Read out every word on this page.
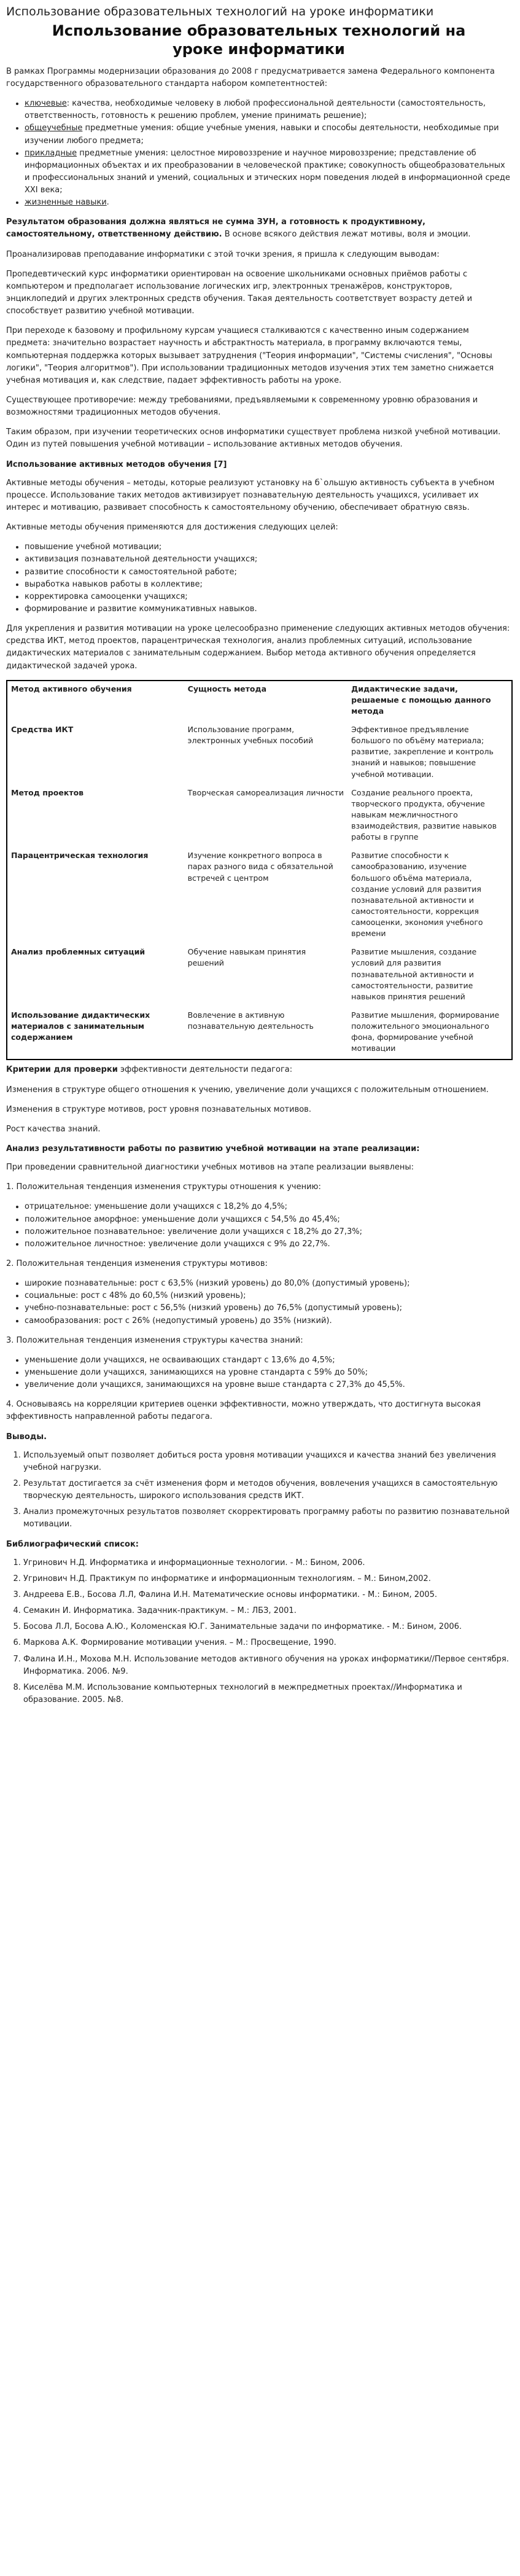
Использование образовательных технологий на уроке информатики
Использование образовательных технологий на уроке информатики

В рамках Программы модернизации образования до 2008 г предусматривается замена Федерального компонента государственного образовательного стандарта набором компетентностей:

• ключевые: качества, необходимые человеку в любой профессиональной деятельности (самостоятельность, ответственность, готовность к решению проблем, умение принимать решение);
• общеучебные предметные умения: общие учебные умения, навыки и способы деятельности, необходимые при изучении любого предмета;
• прикладные предметные умения: целостное мировоззрение и научное мировоззрение; представление об информационных объектах и их преобразовании в человеческой практике; совокупность общеобразовательных и профессиональных знаний и умений, социальных и этических норм поведения людей в информационной среде XXI века;
• жизненные навыки.

Результатом образования должна являться не сумма ЗУН, а готовность к продуктивному, самостоятельному, ответственному действию. В основе всякого действия лежат мотивы, воля и эмоции.

Проанализировав преподавание информатики с этой точки зрения, я пришла к следующим выводам:

Пропедевтический курс информатики ориентирован на освоение школьниками основных приёмов работы с компьютером и предполагает использование логических игр, электронных тренажёров, конструкторов, энциклопедий и других электронных средств обучения. Такая деятельность соответствует возрасту детей и способствует развитию учебной мотивации.

При переходе к базовому и профильному курсам учащиеся сталкиваются с качественно иным содержанием предмета: значительно возрастает научность и абстрактность материала, в программу включаются темы, компьютерная поддержка которых вызывает затруднения ("Теория информации", "Системы счисления", "Основы логики", "Теория алгоритмов"). При использовании традиционных методов изучения этих тем заметно снижается учебная мотивация и, как следствие, падает эффективность работы на уроке.

Существующее противоречие: между требованиями, предъявляемыми к современному уровню образования и возможностями традиционных методов обучения.

Таким образом, при изучении теоретических основ информатики существует проблема низкой учебной мотивации. Один из путей повышения учебной мотивации – использование активных методов обучения.

Использование активных методов обучения [7]

Активные методы обучения – методы, которые реализуют установку на б`ольшую активность субъекта в учебном процессе. Использование таких методов активизирует познавательную деятельность учащихся, усиливает их интерес и мотивацию, развивает способность к самостоятельному обучению, обеспечивает обратную связь.

Активные методы обучения применяются для достижения следующих целей:

• повышение учебной мотивации;
• активизация познавательной деятельности учащихся;
• развитие способности к самостоятельной работе;
• выработка навыков работы в коллективе;
• корректировка самооценки учащихся;
• формирование и развитие коммуникативных навыков.

Для укрепления и развития мотивации на уроке целесообразно применение следующих активных методов обучения: средства ИКТ, метод проектов, парацентрическая технология, анализ проблемных ситуаций, использование дидактических материалов с занимательным содержанием. Выбор метода активного обучения определяется дидактической задачей урока.

Метод активного обучения	Сущность метода	Дидактические задачи, решаемые с помощью данного метода
Средства ИКТ	Использование программ, электронных учебных пособий	Эффективное предъявление большого по объёму материала; развитие, закрепление и контроль знаний и навыков; повышение учебной мотивации.
Метод проектов	Творческая самореализация личности	Создание реального проекта, творческого продукта, обучение навыкам межличностного взаимодействия, развитие навыков работы в группе
Парацентрическая технология	Изучение конкретного вопроса в парах разного вида с обязательной встречей с центром	Развитие способности к самообразованию, изучение большого объёма материала, создание условий для развития познавательной активности и самостоятельности, коррекция самооценки, экономия учебного времени
Анализ проблемных ситуаций	Обучение навыкам принятия решений	Развитие мышления, создание условий для развития познавательной активности и самостоятельности, развитие навыков принятия решений
Использование дидактических материалов с занимательным содержанием	Вовлечение в активную познавательную деятельность	Развитие мышления, формирование положительного эмоционального фона, формирование учебной мотивации

Критерии для проверки эффективности деятельности педагога:

Изменения в структуре общего отношения к учению, увеличение доли учащихся с положительным отношением.

Изменения в структуре мотивов, рост уровня познавательных мотивов.

Рост качества знаний.

Анализ результативности работы по развитию учебной мотивации на этапе реализации:

При проведении сравнительной диагностики учебных мотивов на этапе реализации выявлены:

1. Положительная тенденция изменения структуры отношения к учению:

• отрицательное: уменьшение доли учащихся с 18,2% до 4,5%;
• положительное аморфное: уменьшение доли учащихся с 54,5% до 45,4%;
• положительное познавательное: увеличение доли учащихся с 18,2% до 27,3%;
• положительное личностное: увеличение доли учащихся с 9% до 22,7%.

2. Положительная тенденция изменения структуры мотивов:

• широкие познавательные: рост с 63,5% (низкий уровень) до 80,0% (допустимый уровень);
• социальные: рост с 48% до 60,5% (низкий уровень);
• учебно-познавательные: рост с 56,5% (низкий уровень) до 76,5% (допустимый уровень);
• самообразования: рост с 26% (недопустимый уровень) до 35% (низкий).

3. Положительная тенденция изменения структуры качества знаний:

• уменьшение доли учащихся, не осваивающих стандарт с 13,6% до 4,5%;
• уменьшение доли учащихся, занимающихся на уровне стандарта с 59% до 50%;
• увеличение доли учащихся, занимающихся на уровне выше стандарта с 27,3% до 45,5%.

4. Основываясь на корреляции критериев оценки эффективности, можно утверждать, что достигнута высокая эффективность направленной работы педагога.

Выводы.
1. Используемый опыт позволяет добиться роста уровня мотивации учащихся и качества знаний без увеличения учебной нагрузки.
2. Результат достигается за счёт изменения форм и методов обучения, вовлечения учащихся в самостоятельную творческую деятельность, широкого использования средств ИКТ.
3. Анализ промежуточных результатов позволяет скорректировать программу работы по развитию познавательной мотивации.
Библиографический список:
1. Угринович Н.Д. Информатика и информационные технологии. - М.: Бином, 2006.
2. Угринович Н.Д. Практикум по информатике и информационным технологиям. – М.: Бином,2002.
3. Андреева Е.В., Босова Л.Л, Фалина И.Н. Математические основы информатики. - М.: Бином, 2005.
4. Семакин И. Информатика. Задачник-практикум. – М.: ЛБЗ, 2001.
5. Босова Л.Л, Босова А.Ю., Коломенская Ю.Г. Занимательные задачи по информатике. - М.: Бином, 2006.
6. Маркова А.К. Формирование мотивации учения. – М.: Просвещение, 1990.
7. Фалина И.Н., Мохова М.Н. Использование методов активного обучения на уроках информатики//Первое сентября. Информатика. 2006. №9.
8. Киселёва М.М. Использование компьютерных технологий в межпредметных проектах//Информатика и образование. 2005. №8.
